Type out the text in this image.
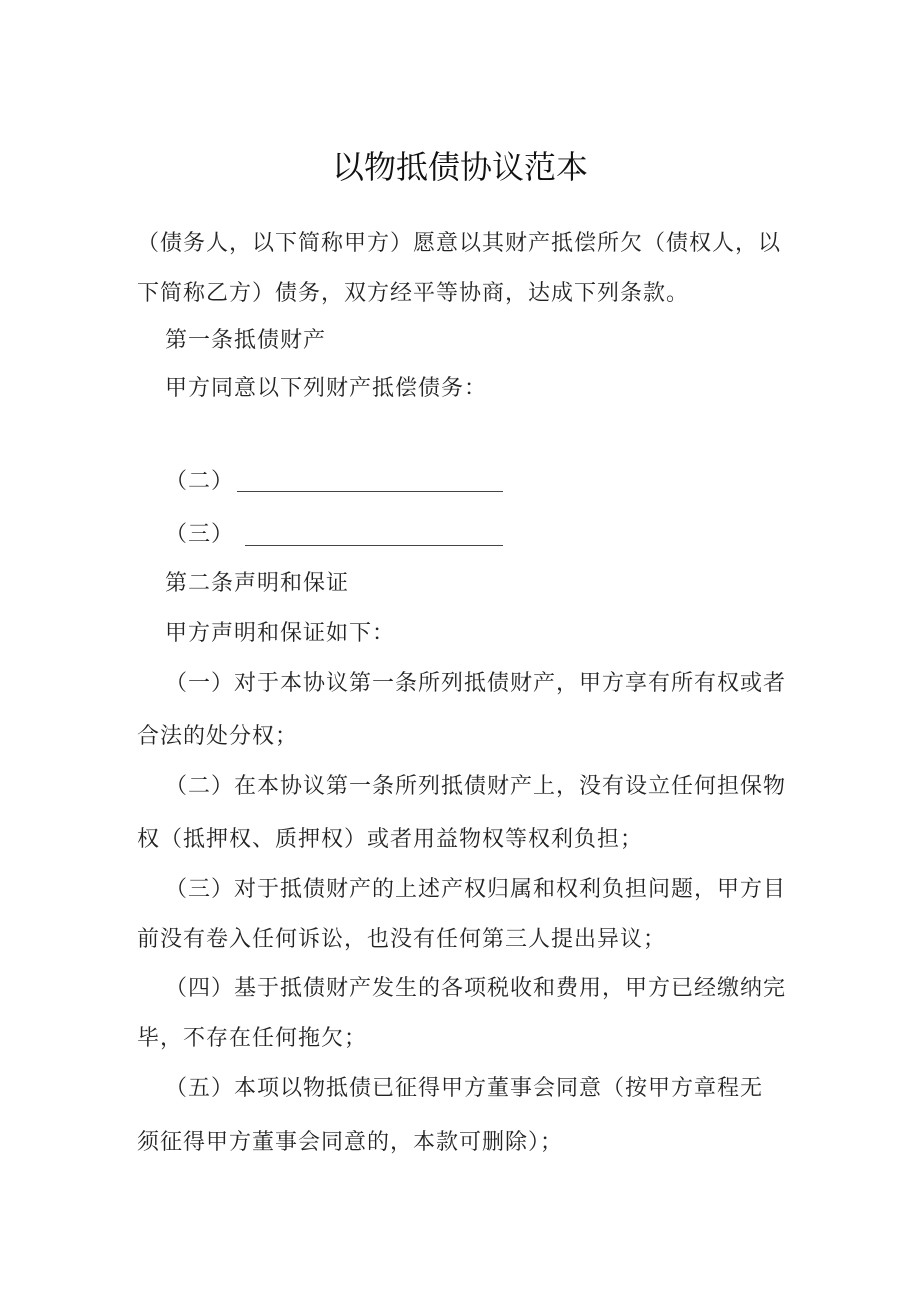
以物抵债协议范本
（债务人，以下简称甲方）愿意以其财产抵偿所欠（债权人，以
下简称乙方）债务，双方经平等协商，达成下列条款。
第一条抵债财产
甲方同意以下列财产抵偿债务：
（二）
（三）
第二条声明和保证
甲方声明和保证如下：
（一）对于本协议第一条所列抵债财产，甲方享有所有权或者
合法的处分权；
（二）在本协议第一条所列抵债财产上，没有设立任何担保物
权（抵押权、质押权）或者用益物权等权利负担；
（三）对于抵债财产的上述产权归属和权利负担问题，甲方目
前没有卷入任何诉讼，也没有任何第三人提出异议；
（四）基于抵债财产发生的各项税收和费用，甲方已经缴纳完
毕，不存在任何拖欠；
（五）本项以物抵债已征得甲方董事会同意（按甲方章程无
须征得甲方董事会同意的，本款可删除）；
